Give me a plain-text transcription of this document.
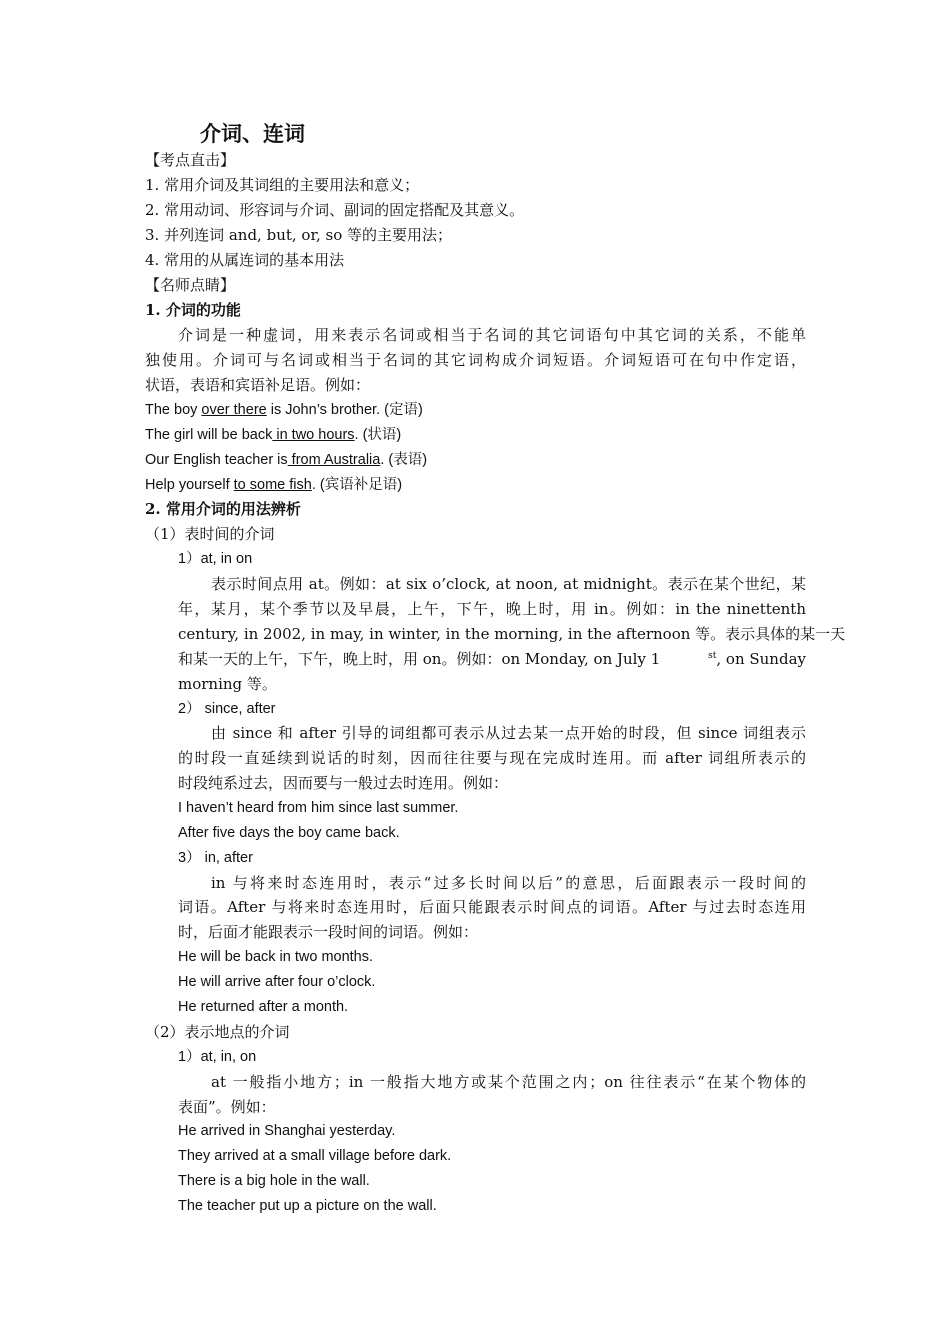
介词、连词
【考点直击】
1. 常用介词及其词组的主要用法和意义；
2. 常用动词、形容词与介词、副词的固定搭配及其意义。
3. 并列连词 and, but, or, so 等的主要用法；
4. 常用的从属连词的基本用法
【名师点睛】
1. 介词的功能
介词是一种虚词，用来表示名词或相当于名词的其它词语句中其它词的关系，不能单
独使用。介词可与名词或相当于名词的其它词构成介词短语。介词短语可在句中作定语，
状语，表语和宾语补足语。例如：
The boy over there is John’s brother. (定语)
The girl will be back in two hours. (状语)
Our English teacher is from Australia. (表语)
Help yourself to some fish. (宾语补足语)
2. 常用介词的用法辨析
（1）表时间的介词
1）at, in on
表示时间点用 at。例如：at six o’clock, at noon, at midnight。表示在某个世纪，某
年，某月，某个季节以及早晨，上午，下午，晚上时，用 in。例如：in the ninettenth
century, in 2002, in may, in winter, in the morning, in the afternoon 等。表示具体的某一天
和某一天的上午，下午，晚上时，用 on。例如：on Monday, on July 1	$^{st}$, on Sunday
morning 等。
2） since, after
由 since 和 after 引导的词组都可表示从过去某一点开始的时段，但 since 词组表示
的时段一直延续到说话的时刻，因而往往要与现在完成时连用。而 after 词组所表示的
时段纯系过去，因而要与一般过去时连用。例如：
I haven’t heard from him since last summer.
After five days the boy came back.
3） in, after
in 与将来时态连用时，表示“过多长时间以后”的意思，后面跟表示一段时间的
词语。After 与将来时态连用时，后面只能跟表示时间点的词语。After 与过去时态连用
时，后面才能跟表示一段时间的词语。例如：
He will be back in two months.
He will arrive after four o’clock.
He returned after a month.
（2）表示地点的介词
1）at, in, on
at 一般指小地方；in 一般指大地方或某个范围之内；on 往往表示“在某个物体的
表面”。例如：
He arrived in Shanghai yesterday.
They arrived at a small village before dark.
There is a big hole in the wall.
The teacher put up a picture on the wall.
